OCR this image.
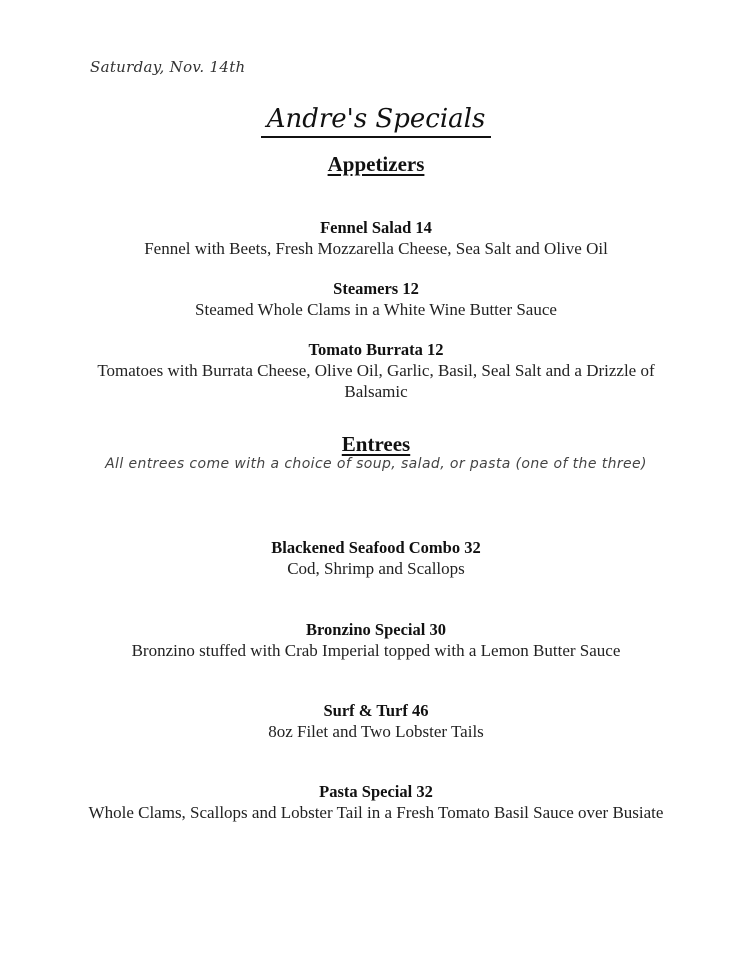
Saturday, Nov. 14th
Andre's Specials
Appetizers
Fennel Salad 14
Fennel with Beets, Fresh Mozzarella Cheese, Sea Salt and Olive Oil
Steamers 12
Steamed Whole Clams in a White Wine Butter Sauce
Tomato Burrata 12
Tomatoes with Burrata Cheese, Olive Oil, Garlic, Basil, Seal Salt and a Drizzle of Balsamic
Entrees
All entrees come with a choice of soup, salad, or pasta (one of the three)
Blackened Seafood Combo 32
Cod, Shrimp and Scallops
Bronzino Special 30
Bronzino stuffed with Crab Imperial topped with a Lemon Butter Sauce
Surf & Turf 46
8oz Filet and Two Lobster Tails
Pasta Special 32
Whole Clams, Scallops and Lobster Tail in a Fresh Tomato Basil Sauce over Busiate
